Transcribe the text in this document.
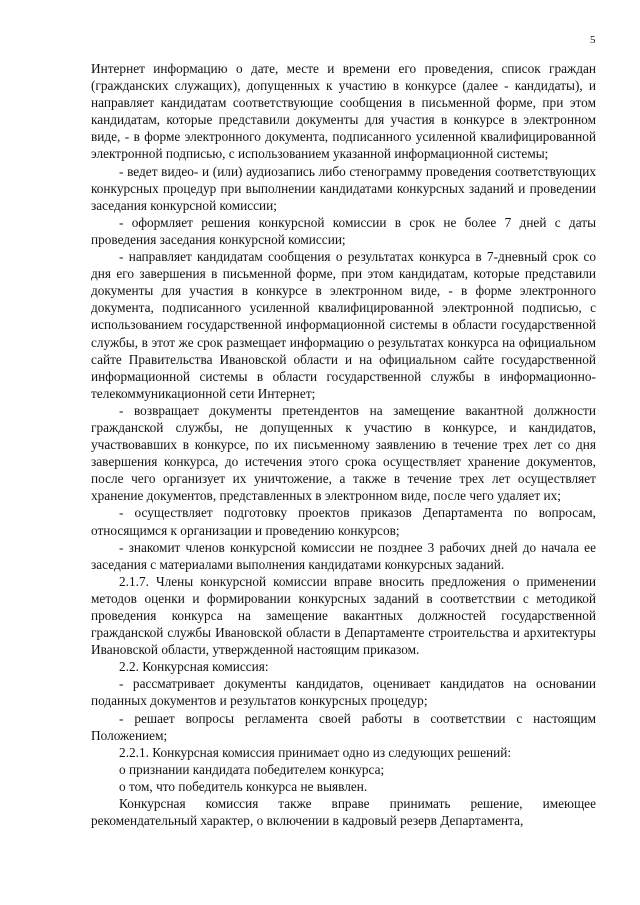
5

Интернет информацию о дате, месте и времени его проведения, список граждан (гражданских служащих), допущенных к участию в конкурсе (далее - кандидаты), и направляет кандидатам соответствующие сообщения в письменной форме, при этом кандидатам, которые представили документы для участия в конкурсе в электронном виде, - в форме электронного документа, подписанного усиленной квалифицированной электронной подписью, с использованием указанной информационной системы;

- ведет видео- и (или) аудиозапись либо стенограмму проведения соответствующих конкурсных процедур при выполнении кандидатами конкурсных заданий и проведении заседания конкурсной комиссии;

- оформляет решения конкурсной комиссии в срок не более 7 дней с даты проведения заседания конкурсной комиссии;

- направляет кандидатам сообщения о результатах конкурса в 7-дневный срок со дня его завершения в письменной форме, при этом кандидатам, которые представили документы для участия в конкурсе в электронном виде, - в форме электронного документа, подписанного усиленной квалифицированной электронной подписью, с использованием государственной информационной системы в области государственной службы, в этот же срок размещает информацию о результатах конкурса на официальном сайте Правительства Ивановской области и на официальном сайте государственной информационной системы в области государственной службы в информационно-телекоммуникационной сети Интернет;

- возвращает документы претендентов на замещение вакантной должности гражданской службы, не допущенных к участию в конкурсе, и кандидатов, участвовавших в конкурсе, по их письменному заявлению в течение трех лет со дня завершения конкурса, до истечения этого срока осуществляет хранение документов, после чего организует их уничтожение, а также в течение трех лет осуществляет хранение документов, представленных в электронном виде, после чего удаляет их;

- осуществляет подготовку проектов приказов Департамента по вопросам, относящимся к организации и проведению конкурсов;

- знакомит членов конкурсной комиссии не позднее 3 рабочих дней до начала ее заседания с материалами выполнения кандидатами конкурсных заданий.

2.1.7. Члены конкурсной комиссии вправе вносить предложения о применении методов оценки и формировании конкурсных заданий в соответствии с методикой проведения конкурса на замещение вакантных должностей государственной гражданской службы Ивановской области в Департаменте строительства и архитектуры Ивановской области, утвержденной настоящим приказом.

2.2. Конкурсная комиссия:

- рассматривает документы кандидатов, оценивает кандидатов на основании поданных документов и результатов конкурсных процедур;

- решает вопросы регламента своей работы в соответствии с настоящим Положением;

2.2.1. Конкурсная комиссия принимает одно из следующих решений:

о признании кандидата победителем конкурса;

о том, что победитель конкурса не выявлен.

Конкурсная комиссия также вправе принимать решение, имеющее рекомендательный характер, о включении в кадровый резерв Департамента,
